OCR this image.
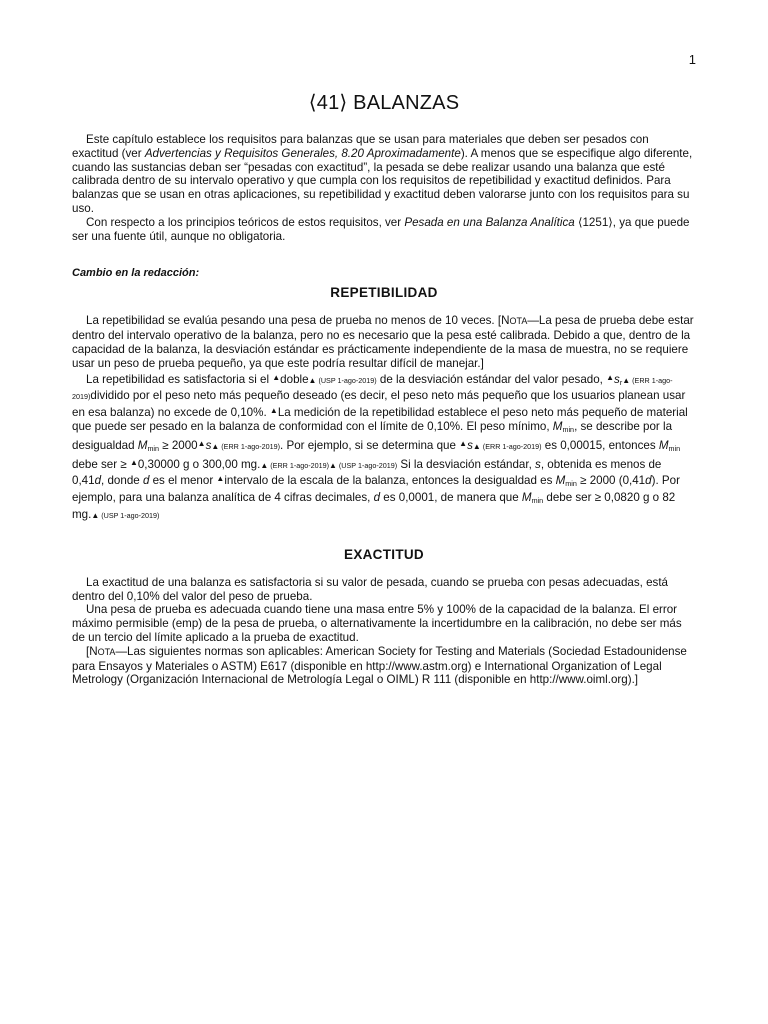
1

⟨41⟩ BALANZAS

Este capítulo establece los requisitos para balanzas que se usan para materiales que deben ser pesados con exactitud (ver Advertencias y Requisitos Generales, 8.20 Aproximadamente). A menos que se especifique algo diferente, cuando las sustancias deban ser “pesadas con exactitud”, la pesada se debe realizar usando una balanza que esté calibrada dentro de su intervalo operativo y que cumpla con los requisitos de repetibilidad y exactitud definidos. Para balanzas que se usan en otras aplicaciones, su repetibilidad y exactitud deben valorarse junto con los requisitos para su uso.

Con respecto a los principios teóricos de estos requisitos, ver Pesada en una Balanza Analítica ⟨1251⟩, ya que puede ser una fuente útil, aunque no obligatoria.

Cambio en la redacción:

REPETIBILIDAD

La repetibilidad se evalúa pesando una pesa de prueba no menos de 10 veces. [NOTA—La pesa de prueba debe estar dentro del intervalo operativo de la balanza, pero no es necesario que la pesa esté calibrada. Debido a que, dentro de la capacidad de la balanza, la desviación estándar es prácticamente independiente de la masa de muestra, no se requiere usar un peso de prueba pequeño, ya que este podría resultar difícil de manejar.]

La repetibilidad es satisfactoria si el ▲doble▲ (USP 1-ago-2019) de la desviación estándar del valor pesado, $^▲s_r▲$ (ERR 1-ago-2019)dividido por el peso neto más pequeño deseado (es decir, el peso neto más pequeño que los usuarios planean usar en esa balanza) no excede de 0,10%. ▲La medición de la repetibilidad establece el peso neto más pequeño de material que puede ser pesado en la balanza de conformidad con el límite de 0,10%. El peso mínimo, $M_{min}$, se describe por la desigualdad $M_{min}$ ≥ 2000▲s▲ (ERR 1-ago-2019). Por ejemplo, si se determina que ▲s▲ (ERR 1-ago-2019) es 0,00015, entonces $M_{min}$ debe ser ≥ ▲0,30000 g o 300,00 mg.▲ (ERR 1-ago-2019)▲ (USP 1-ago-2019) Si la desviación estándar, s, obtenida es menos de 0,41d, donde d es el menor ▲intervalo de la escala de la balanza, entonces la desigualdad es $M_{min} \ge 2000$ (0,41d). Por ejemplo, para una balanza analítica de 4 cifras decimales, d es 0,0001, de manera que $M_{min}$ debe ser ≥ 0,0820 g o 82 mg.▲ (USP 1-ago-2019)

EXACTITUD

La exactitud de una balanza es satisfactoria si su valor de pesada, cuando se prueba con pesas adecuadas, está dentro del 0,10% del valor del peso de prueba.

Una pesa de prueba es adecuada cuando tiene una masa entre 5% y 100% de la capacidad de la balanza. El error máximo permisible (emp) de la pesa de prueba, o alternativamente la incertidumbre en la calibración, no debe ser más de un tercio del límite aplicado a la prueba de exactitud.

[NOTA—Las siguientes normas son aplicables: American Society for Testing and Materials (Sociedad Estadounidense para Ensayos y Materiales o ASTM) E617 (disponible en http://www.astm.org) e International Organization of Legal Metrology (Organización Internacional de Metrología Legal o OIML) R 111 (disponible en http://www.oiml.org).]
